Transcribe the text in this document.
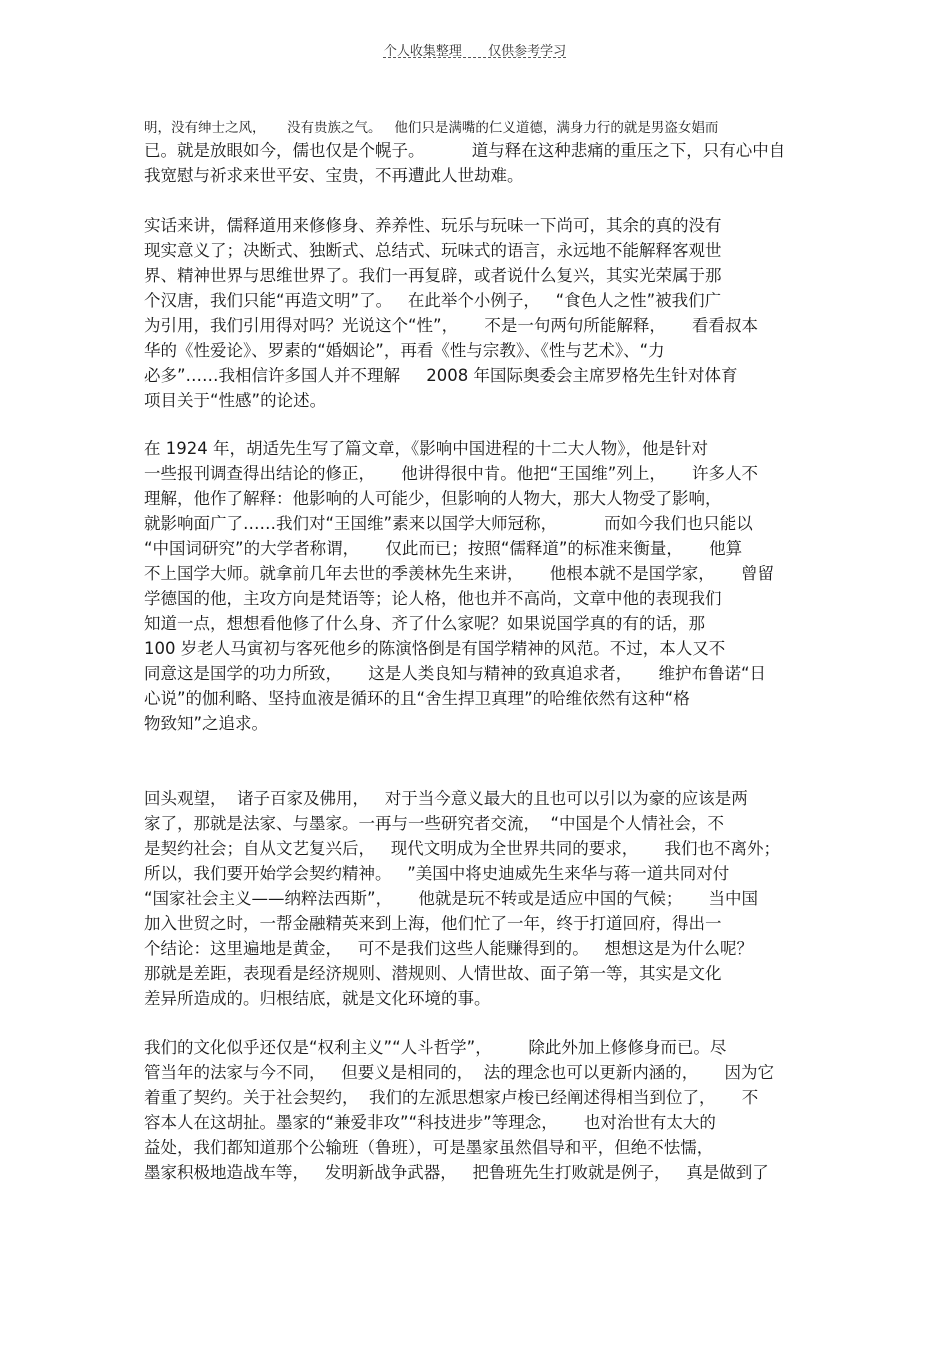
个人收集整理 仅供参考学习
明，没有绅士之风，     没有贵族之气。   他们只是满嘴的仁义道德，满身力行的就是男盗女娼而
已。就是放眼如今，儒也仅是个幌子。         道与释在这种悲痛的重压之下，只有心中自
我宽慰与祈求来世平安、宝贵，不再遭此人世劫难。
实话来讲，儒释道用来修修身、养养性、玩乐与玩味一下尚可，其余的真的没有
现实意义了；决断式、独断式、总结式、玩味式的语言，永远地不能解释客观世
界、精神世界与思维世界了。我们一再复辟，或者说什么复兴，其实光荣属于那
个汉唐，我们只能“再造文明”了。   在此举个小例子，   “食色人之性”被我们广
为引用，我们引用得对吗？光说这个“性”，     不是一句两句所能解释，     看看叔本
华的《性爱论》、罗素的“婚姻论”，再看《性与宗教》、《性与艺术》、“力
必多”……我相信许多国人并不理解     2008 年国际奥委会主席罗格先生针对体育
项目关于“性感”的论述。
在 1924 年，胡适先生写了篇文章，《影响中国进程的十二大人物》，他是针对
一些报刊调查得出结论的修正，     他讲得很中肯。他把“王国维”列上，     许多人不
理解，他作了解释：他影响的人可能少，但影响的人物大，那大人物受了影响，
就影响面广了……我们对“王国维”素来以国学大师冠称，         而如今我们也只能以
“中国词研究”的大学者称谓，     仅此而已；按照“儒释道”的标准来衡量，     他算
不上国学大师。就拿前几年去世的季羡林先生来讲，     他根本就不是国学家，     曾留
学德国的他，主攻方向是梵语等；论人格，他也并不高尚，文章中他的表现我们
知道一点，想想看他修了什么身、齐了什么家呢？如果说国学真的有的话，那
100 岁老人马寅初与客死他乡的陈演恪倒是有国学精神的风范。不过，本人又不
同意这是国学的功力所致，     这是人类良知与精神的致真追求者，     维护布鲁诺“日
心说”的伽利略、坚持血液是循环的且“舍生捍卫真理”的哈维依然有这种“格
物致知”之追求。
回头观望，  诸子百家及佛用，   对于当今意义最大的且也可以引以为豪的应该是两
家了，那就是法家、与墨家。一再与一些研究者交流，  “中国是个人情社会，不
是契约社会；自从文艺复兴后，   现代文明成为全世界共同的要求，     我们也不离外；
所以，我们要开始学会契约精神。   ”美国中将史迪威先生来华与蒋一道共同对付
“国家社会主义——纳粹法西斯”，     他就是玩不转或是适应中国的气候；     当中国
加入世贸之时，一帮金融精英来到上海，他们忙了一年，终于打道回府，得出一
个结论：这里遍地是黄金，   可不是我们这些人能赚得到的。   想想这是为什么呢？
那就是差距，表现看是经济规则、潜规则、人情世故、面子第一等，其实是文化
差异所造成的。归根结底，就是文化环境的事。
我们的文化似乎还仅是“权利主义”“人斗哲学”，       除此外加上修修身而已。尽
管当年的法家与今不同，   但要义是相同的，  法的理念也可以更新内涵的，     因为它
着重了契约。关于社会契约，  我们的左派思想家卢梭已经阐述得相当到位了，     不
容本人在这胡扯。墨家的“兼爱非攻”“科技进步”等理念，     也对治世有太大的
益处，我们都知道那个公输班（鲁班），可是墨家虽然倡导和平，但绝不怯懦，
墨家积极地造战车等，   发明新战争武器，   把鲁班先生打败就是例子，   真是做到了
